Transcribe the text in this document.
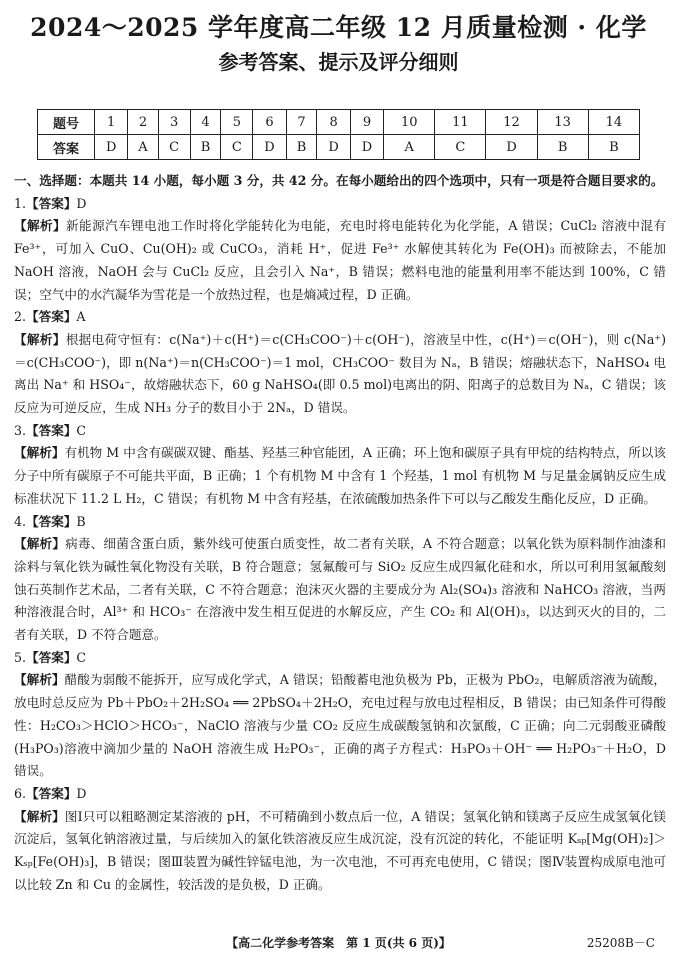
2024～2025 学年度高二年级 12 月质量检测 · 化学
参考答案、提示及评分细则
题号	1	2	3	4	5	6	7	8	9	10	11	12	13	14
答案	D	A	C	B	C	D	B	D	D	A	C	D	B	B
一、选择题：本题共 14 小题，每小题 3 分，共 42 分。在每小题给出的四个选项中，只有一项是符合题目要求的。
1.【答案】D
【解析】新能源汽车锂电池工作时将化学能转化为电能，充电时将电能转化为化学能，A 错误；CuCl₂ 溶液中混有 Fe³⁺，可加入 CuO、Cu(OH)₂ 或 CuCO₃，消耗 H⁺，促进 Fe³⁺ 水解使其转化为 Fe(OH)₃ 而被除去，不能加 NaOH 溶液，NaOH 会与 CuCl₂ 反应，且会引入 Na⁺，B 错误；燃料电池的能量利用率不能达到 100%，C 错误；空气中的水汽凝华为雪花是一个放热过程，也是熵减过程，D 正确。
2.【答案】A
【解析】根据电荷守恒有：c(Na⁺)＋c(H⁺)＝c(CH₃COO⁻)＋c(OH⁻)，溶液呈中性，c(H⁺)＝c(OH⁻)，则 c(Na⁺)＝c(CH₃COO⁻)，即 n(Na⁺)＝n(CH₃COO⁻)＝1 mol，CH₃COO⁻ 数目为 Nₐ，B 错误；熔融状态下，NaHSO₄ 电离出 Na⁺ 和 HSO₄⁻，故熔融状态下，60 g NaHSO₄(即 0.5 mol)电离出的阴、阳离子的总数目为 Nₐ，C 错误；该反应为可逆反应，生成 NH₃ 分子的数目小于 2Nₐ，D 错误。
3.【答案】C
【解析】有机物 M 中含有碳碳双键、酯基、羟基三种官能团，A 正确；环上饱和碳原子具有甲烷的结构特点，所以该分子中所有碳原子不可能共平面，B 正确；1 个有机物 M 中含有 1 个羟基，1 mol 有机物 M 与足量金属钠反应生成标准状况下 11.2 L H₂，C 错误；有机物 M 中含有羟基，在浓硫酸加热条件下可以与乙酸发生酯化反应，D 正确。
4.【答案】B
【解析】病毒、细菌含蛋白质，紫外线可使蛋白质变性，故二者有关联，A 不符合题意；以氧化铁为原料制作油漆和涂料与氧化铁为碱性氧化物没有关联，B 符合题意；氢氟酸可与 SiO₂ 反应生成四氟化硅和水，所以可利用氢氟酸刻蚀石英制作艺术品，二者有关联，C 不符合题意；泡沫灭火器的主要成分为 Al₂(SO₄)₃ 溶液和 NaHCO₃ 溶液，当两种溶液混合时，Al³⁺ 和 HCO₃⁻ 在溶液中发生相互促进的水解反应，产生 CO₂ 和 Al(OH)₃，以达到灭火的目的，二者有关联，D 不符合题意。
5.【答案】C
【解析】醋酸为弱酸不能拆开，应写成化学式，A 错误；铅酸蓄电池负极为 Pb，正极为 PbO₂，电解质溶液为硫酸，放电时总反应为 Pb＋PbO₂＋2H₂SO₄ ══ 2PbSO₄＋2H₂O，充电过程与放电过程相反，B 错误；由已知条件可得酸性：H₂CO₃＞HClO＞HCO₃⁻，NaClO 溶液与少量 CO₂ 反应生成碳酸氢钠和次氯酸，C 正确；向二元弱酸亚磷酸(H₃PO₃)溶液中滴加少量的 NaOH 溶液生成 H₂PO₃⁻，正确的离子方程式：H₃PO₃＋OH⁻ ══ H₂PO₃⁻＋H₂O，D 错误。
6.【答案】D
【解析】图Ⅰ只可以粗略测定某溶液的 pH，不可精确到小数点后一位，A 错误；氢氧化钠和镁离子反应生成氢氧化镁沉淀后，氢氧化钠溶液过量，与后续加入的氯化铁溶液反应生成沉淀，没有沉淀的转化，不能证明 Kₛₚ[Mg(OH)₂]＞Kₛₚ[Fe(OH)₃]，B 错误；图Ⅲ装置为碱性锌锰电池，为一次电池，不可再充电使用，C 错误；图Ⅳ装置构成原电池可以比较 Zn 和 Cu 的金属性，较活泼的是负极，D 正确。
【高二化学参考答案　第 1 页(共 6 页)】	25208B－C
